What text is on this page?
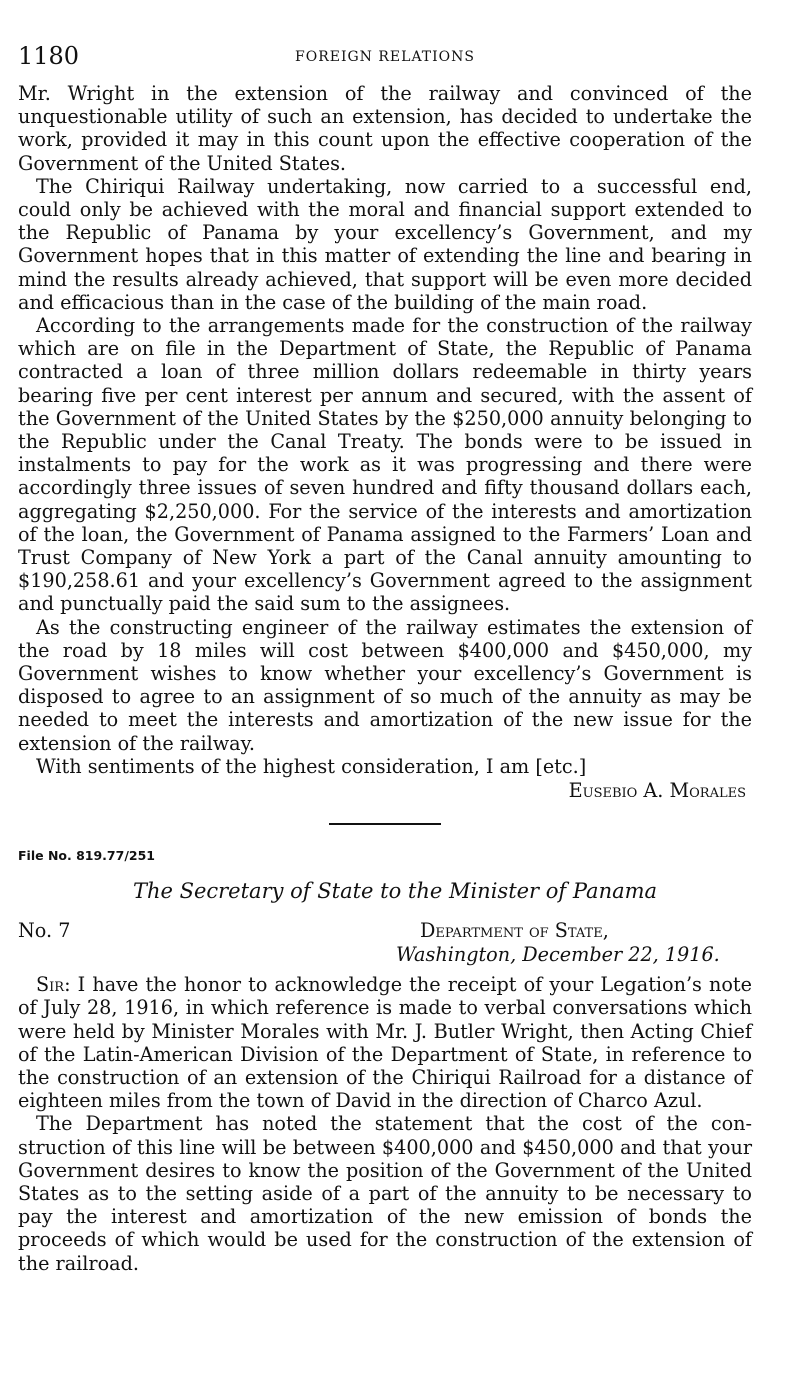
1180	FOREIGN RELATIONS

Mr. Wright in the extension of the railway and convinced of the unquestionable utility of such an extension, has decided to undertake the work, provided it may in this count upon the effective cooperation of the Government of the United States.

The Chiriqui Railway undertaking, now carried to a successful end, could only be achieved with the moral and financial support extended to the Republic of Panama by your excellency’s Government, and my Government hopes that in this matter of extending the line and bearing in mind the results already achieved, that support will be even more decided and efficacious than in the case of the building of the main road.

According to the arrangements made for the construction of the railway which are on file in the Department of State, the Republic of Panama contracted a loan of three million dollars redeemable in thirty years bearing five per cent interest per annum and secured, with the assent of the Government of the United States by the $250,000 annuity belonging to the Republic under the Canal Treaty. The bonds were to be issued in instalments to pay for the work as it was progressing and there were accordingly three issues of seven hundred and fifty thousand dollars each, aggregating $2,250,000. For the service of the interests and amortization of the loan, the Government of Panama assigned to the Farmers’ Loan and Trust Company of New York a part of the Canal annuity amounting to $190,258.61 and your excellency’s Government agreed to the assignment and punctually paid the said sum to the assignees.

As the constructing engineer of the railway estimates the extension of the road by 18 miles will cost between $400,000 and $450,000, my Government wishes to know whether your excellency’s Government is disposed to agree to an assignment of so much of the annuity as may be needed to meet the interests and amortization of the new issue for the extension of the railway.

With sentiments of the highest consideration, I am [etc.]

Eusebio A. Morales
File No. 819.77/251
The Secretary of State to the Minister of Panama
No. 7	Department of State,
Washington, December 22, 1916.

Sir: I have the honor to acknowledge the receipt of your Legation’s note of July 28, 1916, in which reference is made to verbal conversations which were held by Minister Morales with Mr. J. Butler Wright, then Acting Chief of the Latin-American Division of the Department of State, in reference to the construction of an extension of the Chiriqui Railroad for a distance of eighteen miles from the town of David in the direction of Charco Azul.

The Department has noted the statement that the cost of the construction of this line will be between $400,000 and $450,000 and that your Government desires to know the position of the Government of the United States as to the setting aside of a part of the annuity to be necessary to pay the interest and amortization of the new emission of bonds the proceeds of which would be used for the construction of the extension of the railroad.
